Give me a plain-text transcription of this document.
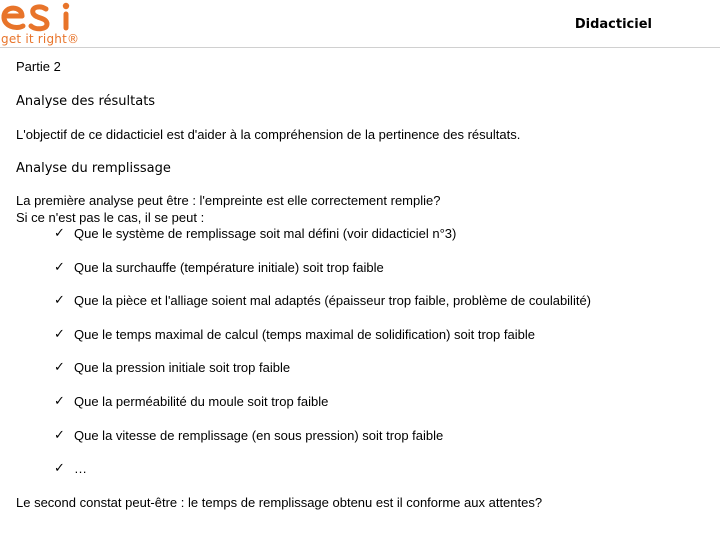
get it right®
Didacticiel

Partie 2

Analyse des résultats

L'objectif de ce didacticiel est d'aider à la compréhension de la pertinence des résultats.

Analyse du remplissage

La première analyse peut être : l'empreinte est elle correctement remplie?

Si ce n'est pas le cas, il se peut :

✓ Que le système de remplissage soit mal défini (voir didacticiel n°3)
✓ Que la surchauffe (température initiale) soit trop faible
✓ Que la pièce et l'alliage soient mal adaptés (épaisseur trop faible, problème de coulabilité)
✓ Que le temps maximal de calcul (temps maximal de solidification) soit trop faible
✓ Que la pression initiale soit trop faible
✓ Que la perméabilité du moule soit trop faible
✓ Que la vitesse de remplissage (en sous pression) soit trop faible
✓ …

Le second constat peut-être : le temps de remplissage obtenu est il conforme aux attentes?
